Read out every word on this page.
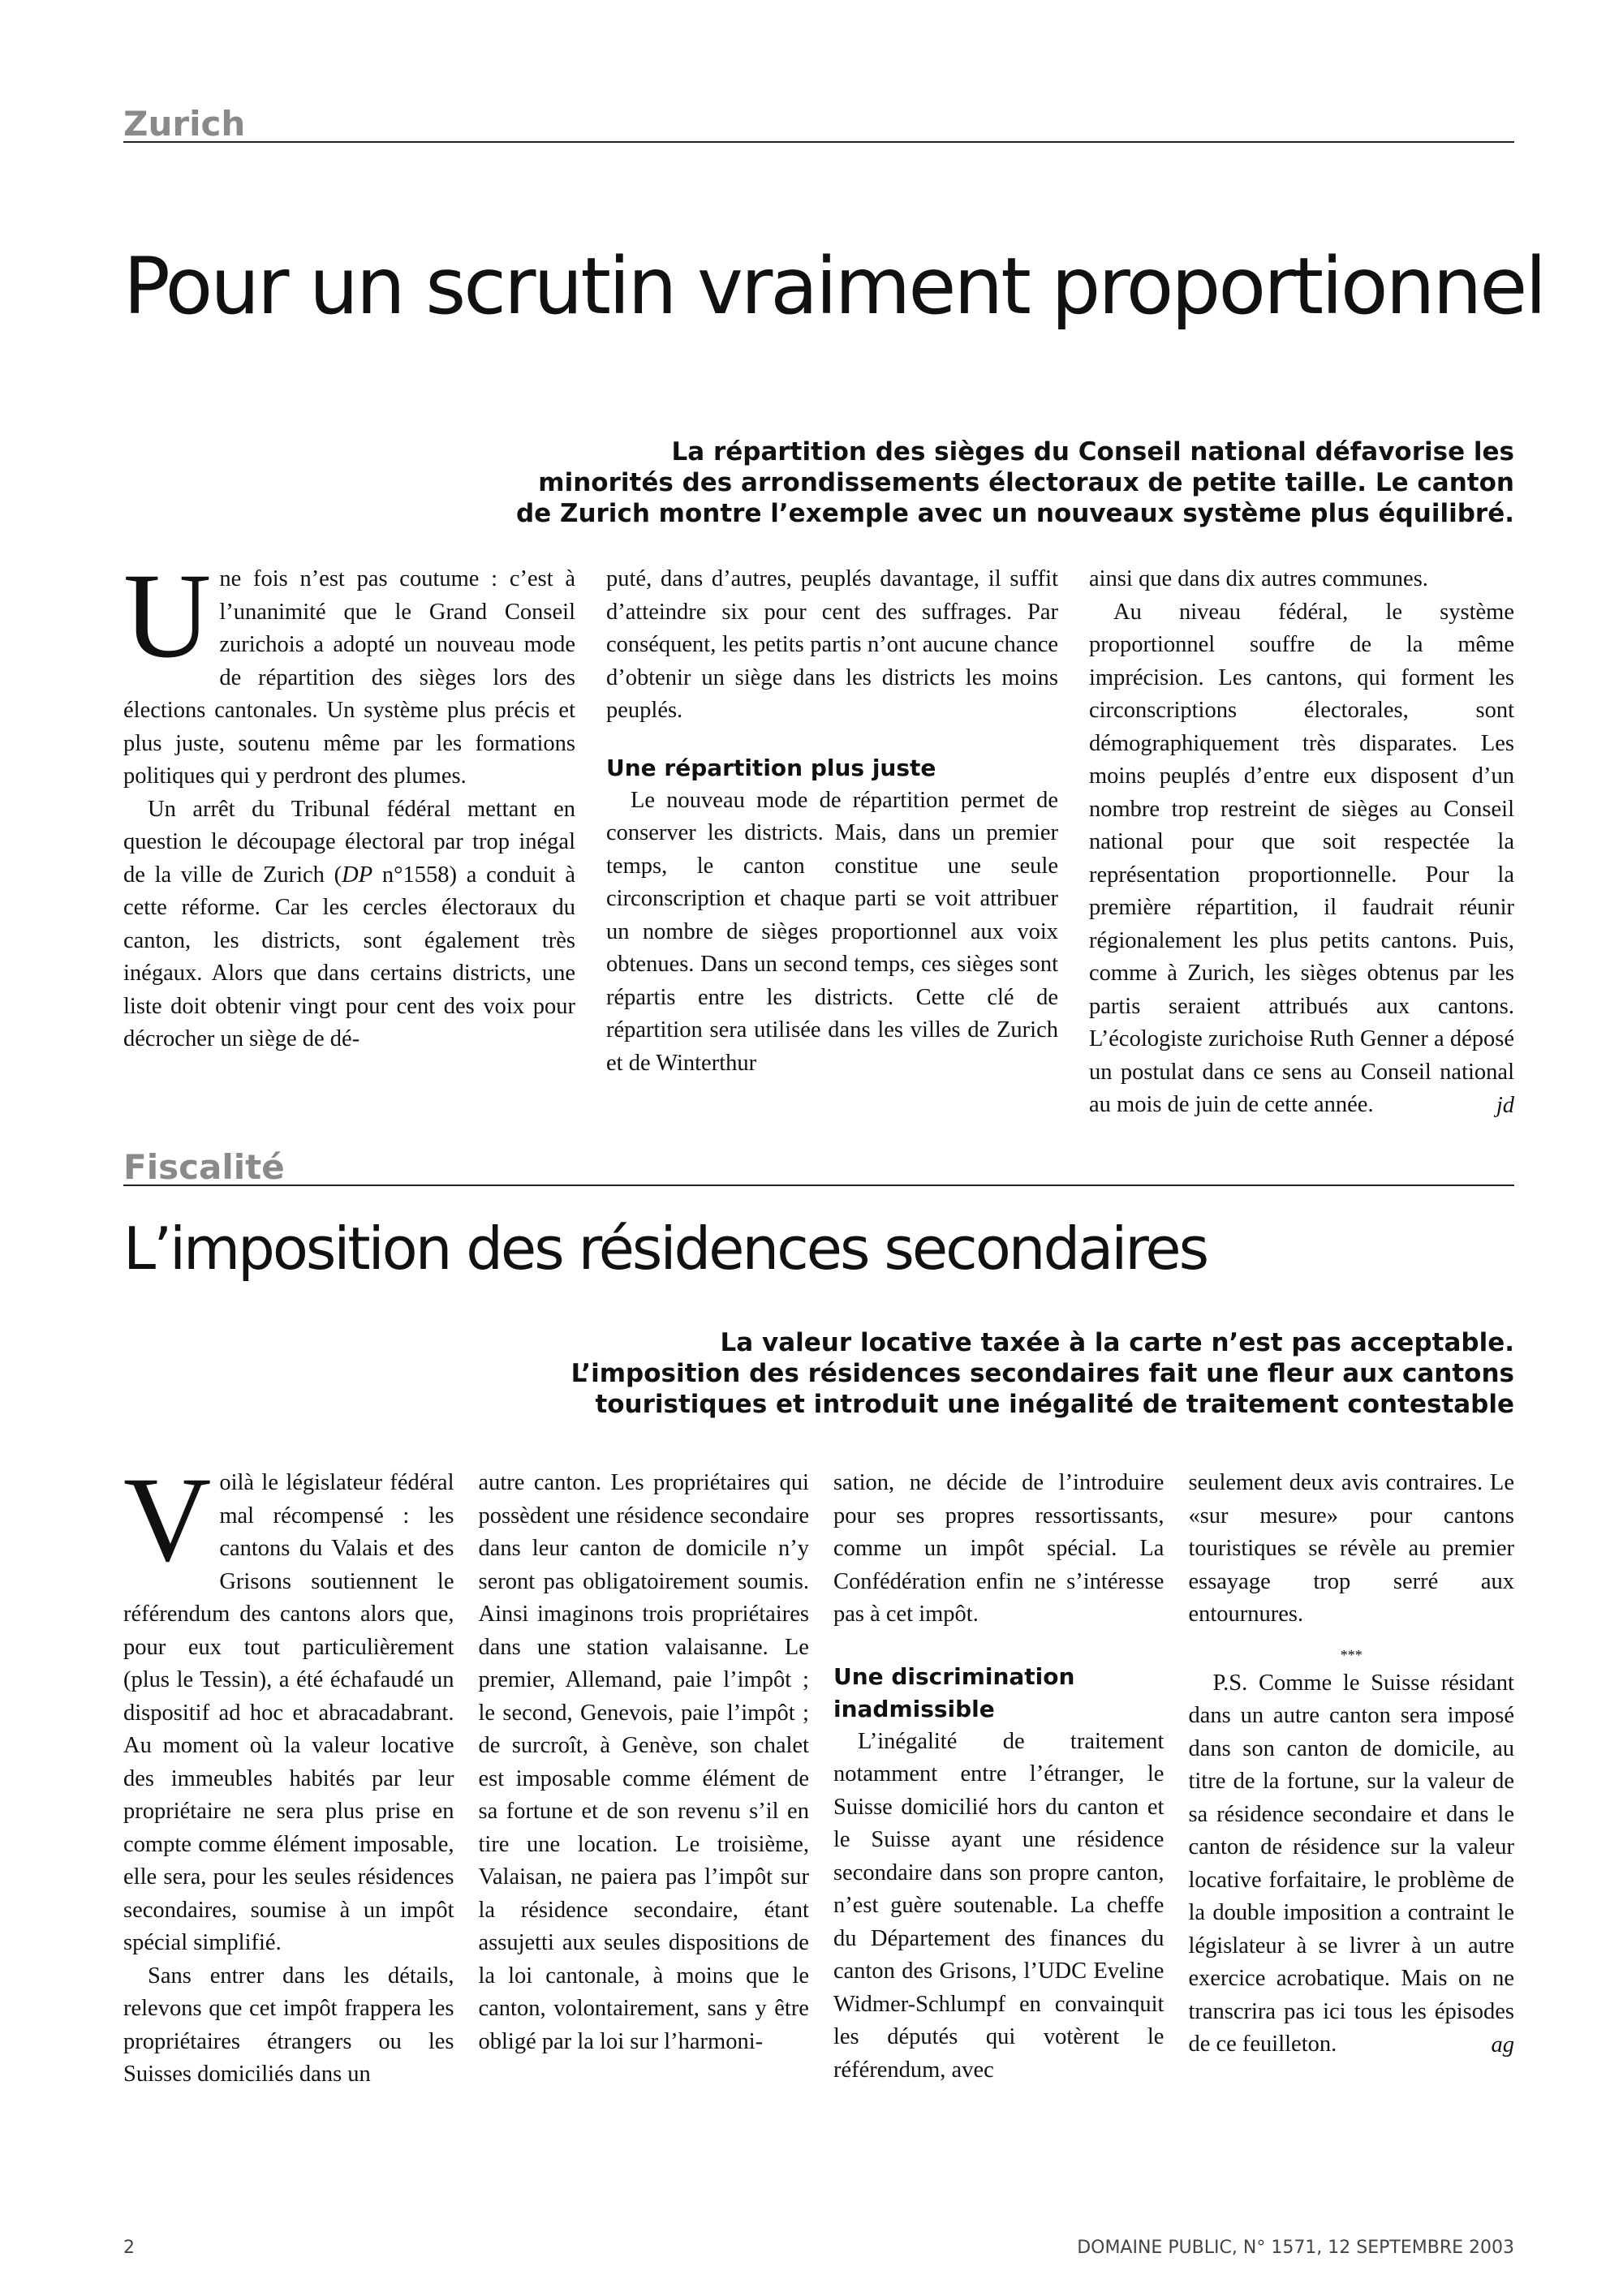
Zurich
Pour un scrutin vraiment proportionnel
La répartition des sièges du Conseil national défavorise les
minorités des arrondissements électoraux de petite taille. Le canton
de Zurich montre l’exemple avec un nouveaux système plus équilibré.

Une fois n’est pas coutume : c’est à l’unanimité que le Grand Conseil zurichois a adopté un nouveau mode de répartition des sièges lors des élections cantonales. Un système plus précis et plus juste, soutenu même par les formations politiques qui y perdront des plumes.

Un arrêt du Tribunal fédéral mettant en question le découpage électoral par trop inégal de la ville de Zurich (DP n°1558) a conduit à cette réforme. Car les cercles électoraux du canton, les districts, sont également très inégaux. Alors que dans certains districts, une liste doit obtenir vingt pour cent des voix pour décrocher un siège de dé-

puté, dans d’autres, peuplés davantage, il suffit d’atteindre six pour cent des suffrages. Par conséquent, les petits partis n’ont aucune chance d’obtenir un siège dans les districts les moins peuplés.

Une répartition plus juste

Le nouveau mode de répartition permet de conserver les districts. Mais, dans un premier temps, le canton constitue une seule circonscription et chaque parti se voit attribuer un nombre de sièges proportionnel aux voix obtenues. Dans un second temps, ces sièges sont répartis entre les districts. Cette clé de répartition sera utilisée dans les villes de Zurich et de Winterthur

ainsi que dans dix autres communes.

Au niveau fédéral, le système proportionnel souffre de la même imprécision. Les cantons, qui forment les circonscriptions électorales, sont démographiquement très disparates. Les moins peuplés d’entre eux disposent d’un nombre trop restreint de sièges au Conseil national pour que soit respectée la représentation proportionnelle. Pour la première répartition, il faudrait réunir régionalement les plus petits cantons. Puis, comme à Zurich, les sièges obtenus par les partis seraient attribués aux cantons. L’écologiste zurichoise Ruth Genner a déposé un postulat dans ce sens au Conseil national au mois de juin de cette année.	jd
Fiscalité
L’imposition des résidences secondaires
La valeur locative taxée à la carte n’est pas acceptable.
L’imposition des résidences secondaires fait une fleur aux cantons
touristiques et introduit une inégalité de traitement contestable

Voilà le législateur fédéral mal récompensé : les cantons du Valais et des Grisons soutiennent le référendum des cantons alors que, pour eux tout particulièrement (plus le Tessin), a été échafaudé un dispositif ad hoc et abracadabrant. Au moment où la valeur locative des immeubles habités par leur propriétaire ne sera plus prise en compte comme élément imposable, elle sera, pour les seules résidences secondaires, soumise à un impôt spécial simplifié.

Sans entrer dans les détails, relevons que cet impôt frappera les propriétaires étrangers ou les Suisses domiciliés dans un

autre canton. Les propriétaires qui possèdent une résidence secondaire dans leur canton de domicile n’y seront pas obligatoirement soumis. Ainsi imaginons trois propriétaires dans une station valaisanne. Le premier, Allemand, paie l’impôt ; le second, Genevois, paie l’impôt ; de surcroît, à Genève, son chalet est imposable comme élément de sa fortune et de son revenu s’il en tire une location. Le troisième, Valaisan, ne paiera pas l’impôt sur la résidence secondaire, étant assujetti aux seules dispositions de la loi cantonale, à moins que le canton, volontairement, sans y être obligé par la loi sur l’harmoni-

sation, ne décide de l’introduire pour ses propres ressortissants, comme un impôt spécial. La Confédération enfin ne s’intéresse pas à cet impôt.

Une discrimination inadmissible

L’inégalité de traitement notamment entre l’étranger, le Suisse domicilié hors du canton et le Suisse ayant une résidence secondaire dans son propre canton, n’est guère soutenable. La cheffe du Département des finances du canton des Grisons, l’UDC Eveline Widmer-Schlumpf en convainquit les députés qui votèrent le référendum, avec

seulement deux avis contraires. Le «sur mesure» pour cantons touristiques se révèle au premier essayage trop serré aux entournures.

***

P.S. Comme le Suisse résidant dans un autre canton sera imposé dans son canton de domicile, au titre de la fortune, sur la valeur de sa résidence secondaire et dans le canton de résidence sur la valeur locative forfaitaire, le problème de la double imposition a contraint le législateur à se livrer à un autre exercice acrobatique. Mais on ne transcrira pas ici tous les épisodes de ce feuilleton.	ag
2	DOMAINE PUBLIC, N° 1571, 12 SEPTEMBRE 2003
